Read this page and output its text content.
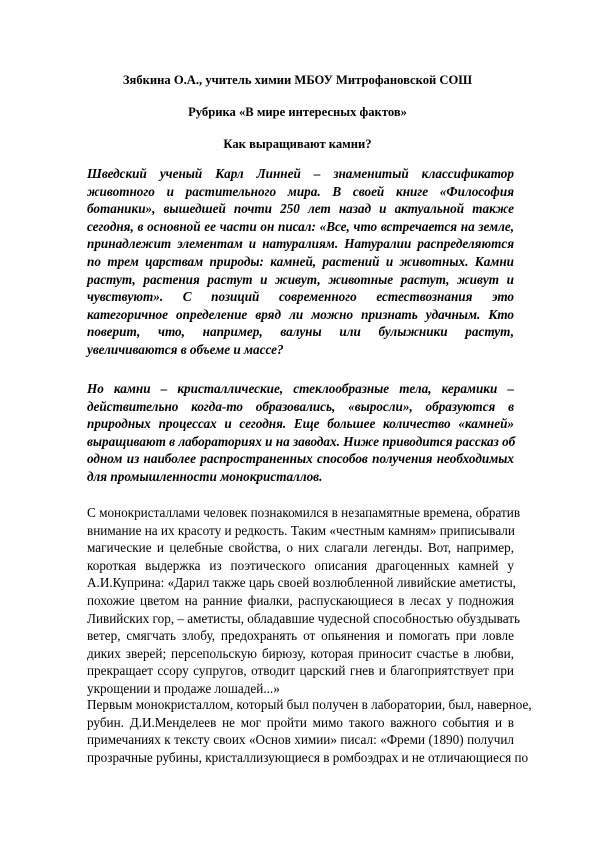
Зябкина О.А., учитель химии МБОУ Митрофановской СОШ
Рубрика «В мире интересных фактов»
Как выращивают камни?
Шведский ученый Карл Линней – знаменитый классификатор
животного и растительного мира. В своей книге «Философия
ботаники», вышедшей почти 250 лет назад и актуальной также
сегодня, в основной ее части он писал: «Все, что встречается на земле,
принадлежит элементам и натуралиям. Натуралии распределяются
по трем царствам природы: камней, растений и животных. Камни
растут, растения растут и живут, животные растут, живут и
чувствуют». С позиций современного естествознания это
категоричное определение вряд ли можно признать удачным. Кто
поверит, что, например, валуны или булыжники растут,
увеличиваются в объеме и массе?
Но камни – кристаллические, стеклообразные тела, керамики –
действительно когда-то образовались, «выросли», образуются в
природных процессах и сегодня. Еще большее количество «камней»
выращивают в лабораториях и на заводах. Ниже приводится рассказ об
одном из наиболее распространенных способов получения необходимых
для промышленности монокристаллов.
С монокристаллами человек познакомился в незапамятные времена, обратив
внимание на их красоту и редкость. Таким «честным камням» приписывали
магические и целебные свойства, о них слагали легенды. Вот, например,
короткая выдержка из поэтического описания драгоценных камней у
А.И.Куприна: «Дарил также царь своей возлюбленной ливийские аметисты,
похожие цветом на ранние фиалки, распускающиеся в лесах у подножия
Ливийских гор, – аметисты, обладавшие чудесной способностью обуздывать
ветер, смягчать злобу, предохранять от опьянения и помогать при ловле
диких зверей; персепольскую бирюзу, которая приносит счастье в любви,
прекращает ссору супругов, отводит царский гнев и благоприятствует при
укрощении и продаже лошадей...»
Первым монокристаллом, который был получен в лаборатории, был, наверное,
рубин. Д.И.Менделеев не мог пройти мимо такого важного события и в
примечаниях к тексту своих «Основ химии» писал: «Фреми (1890) получил
прозрачные рубины, кристаллизующиеся в ромбоэдрах и не отличающиеся по
